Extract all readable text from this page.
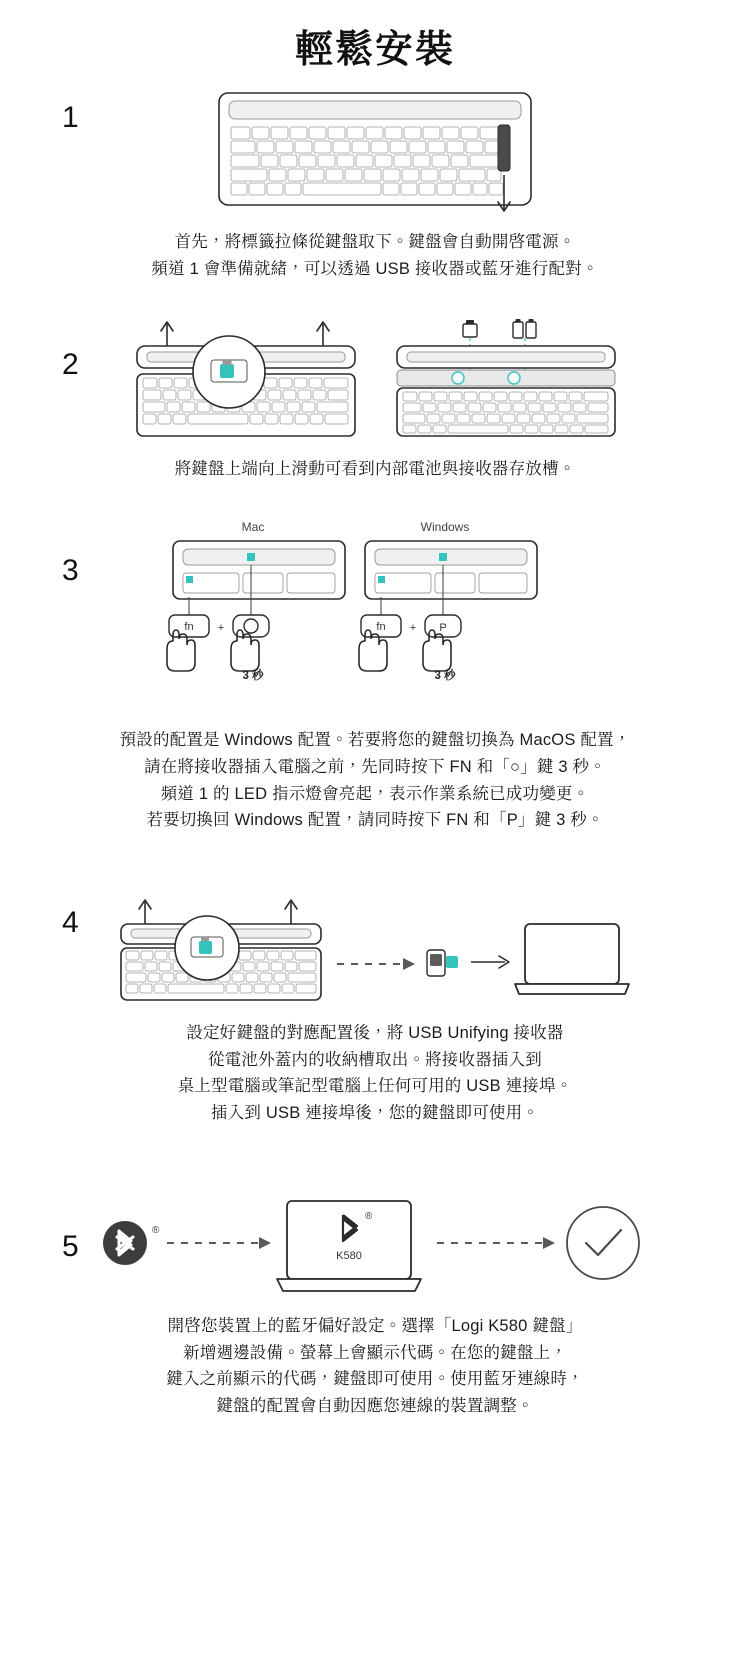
輕鬆安裝
首先，將標籤拉條從鍵盤取下。鍵盤會自動開啓電源。
頻道 1 會準備就緒，可以透過 USB 接收器或藍牙進行配對。
將鍵盤上端向上滑動可看到内部電池與接收器存放槽。
Mac
fn +
3 秒
Windows
fn + P
3 秒
預設的配置是 Windows 配置。若要將您的鍵盤切換為 MacOS 配置，
請在將接收器插入電腦之前，先同時按下 FN 和「○」鍵 3 秒。
頻道 1 的 LED 指示燈會亮起，表示作業系統已成功變更。
若要切換回 Windows 配置，請同時按下 FN 和「P」鍵 3 秒。
設定好鍵盤的對應配置後，將 USB Unifying 接收器
從電池外蓋内的收納槽取出。將接收器插入到
桌上型電腦或筆記型電腦上任何可用的 USB 連接埠。
插入到 USB 連接埠後，您的鍵盤即可使用。
®
®
K580
開啓您裝置上的藍牙偏好設定。選擇「Logi K580 鍵盤」
新增週邊設備。螢幕上會顯示代碼。在您的鍵盤上，
鍵入之前顯示的代碼，鍵盤即可使用。使用藍牙連線時，
鍵盤的配置會自動因應您連線的裝置調整。
1
2
3
4
5
